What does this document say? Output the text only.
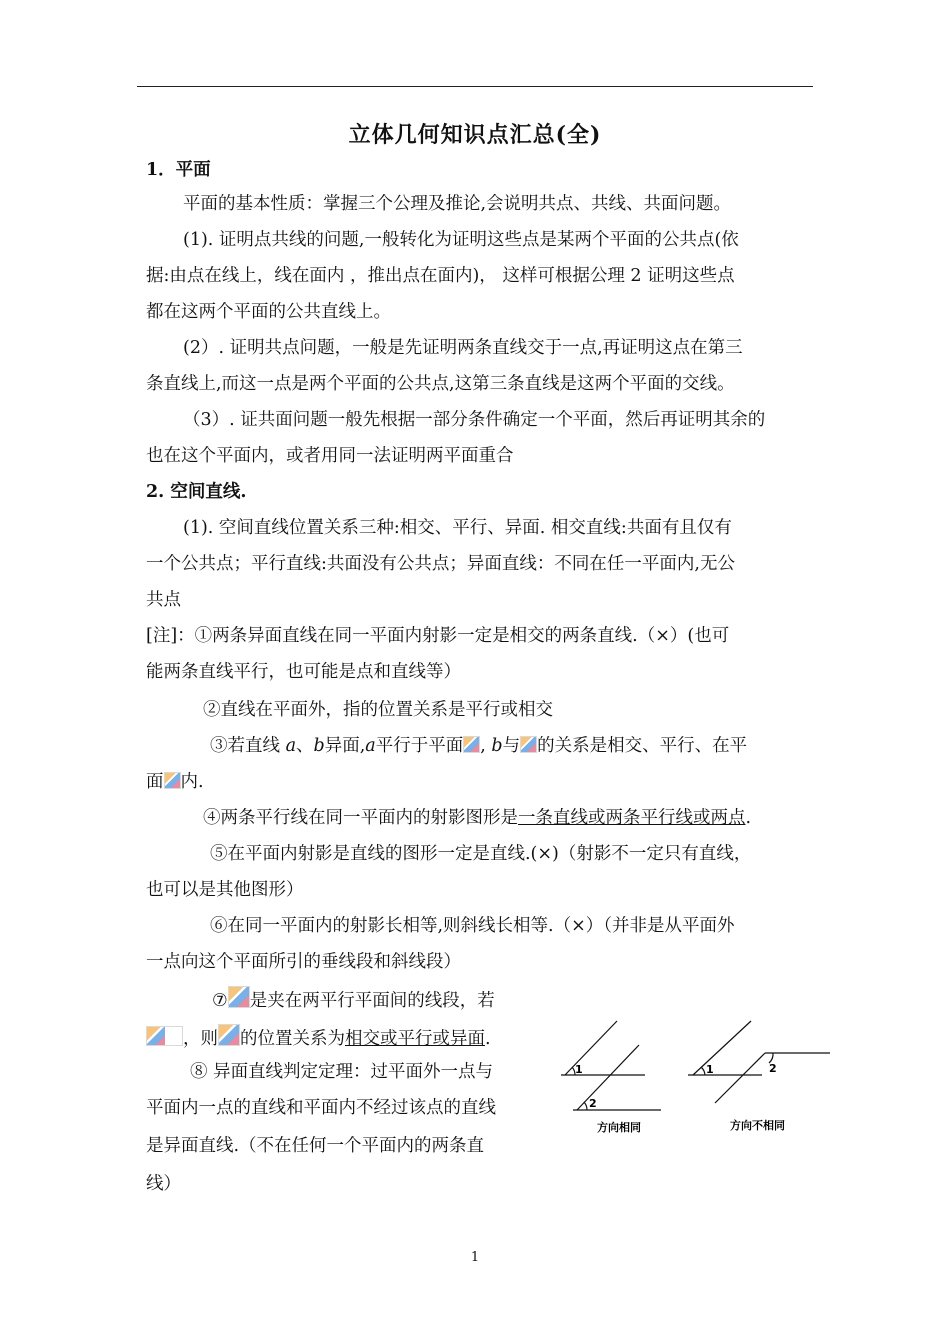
立体几何知识点汇总(全)
1．平面
平面的基本性质：掌握三个公理及推论,会说明共点、共线、共面问题。
(1). 证明点共线的问题,一般转化为证明这些点是某两个平面的公共点(依
据:由点在线上，线在面内 ，推出点在面内)， 这样可根据公理 2 证明这些点
都在这两个平面的公共直线上。
(2）. 证明共点问题，一般是先证明两条直线交于一点,再证明这点在第三
条直线上,而这一点是两个平面的公共点,这第三条直线是这两个平面的交线。
（3）. 证共面问题一般先根据一部分条件确定一个平面，然后再证明其余的
也在这个平面内，或者用同一法证明两平面重合
2. 空间直线.
(1). 空间直线位置关系三种:相交、平行、异面. 相交直线:共面有且仅有
一个公共点；平行直线:共面没有公共点；异面直线：不同在任一平面内,无公
共点
[注]：①两条异面直线在同一平面内射影一定是相交的两条直线.（×）(也可
能两条直线平行，也可能是点和直线等）
②直线在平面外，指的位置关系是平行或相交
③若直线 a、b异面,a平行于平面 , b与 的关系是相交、平行、在平
面 内.
④两条平行线在同一平面内的射影图形是一条直线或两条平行线或两点.
⑤在平面内射影是直线的图形一定是直线.(×)（射影不一定只有直线，
也可以是其他图形）
⑥在同一平面内的射影长相等,则斜线长相等.（×）（并非是从平面外
一点向这个平面所引的垂线段和斜线段）
⑦ 是夹在两平行平面间的线段，若
，则 的位置关系为相交或平行或异面.
⑧ 异面直线判定定理：过平面外一点与
平面内一点的直线和平面内不经过该点的直线
是异面直线.（不在任何一个平面内的两条直
线）
1
2
1	2
方向相同	方向不相同
1
